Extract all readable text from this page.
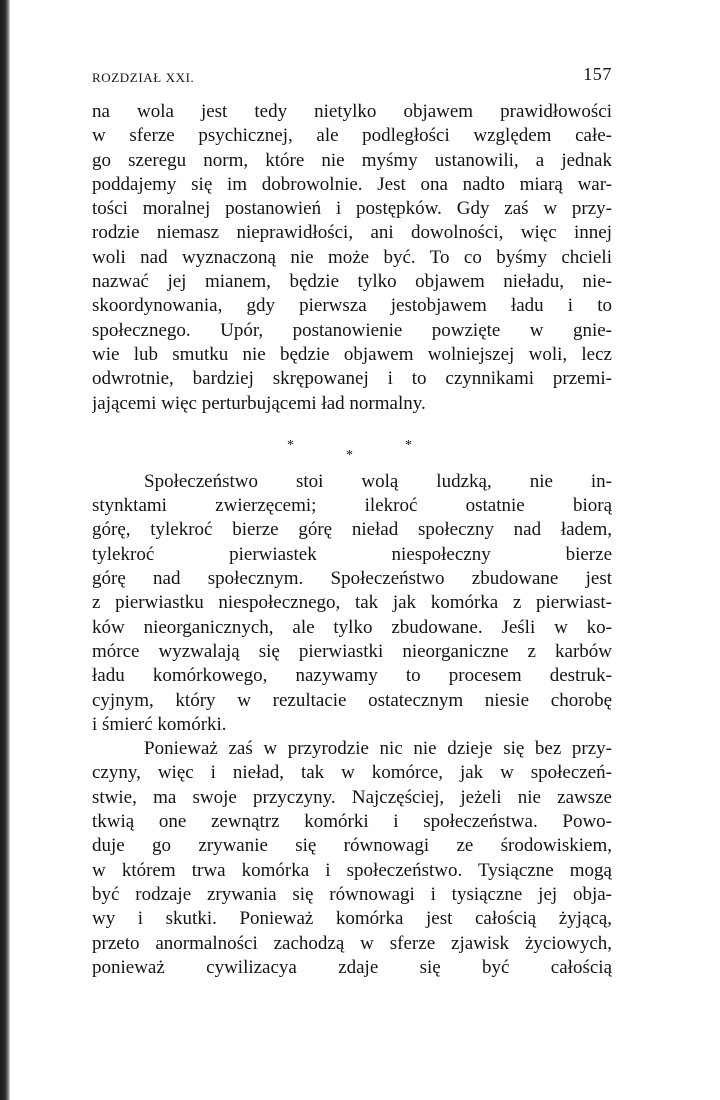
ROZDZIAŁ XXI.	157
na wola jest tedy nietylko objawem prawidłowości
w sferze psychicznej, ale podległości względem całe-
go szeregu norm, które nie myśmy ustanowili, a jednak
poddajemy się im dobrowolnie. Jest ona nadto miarą war-
tości moralnej postanowień i postępków. Gdy zaś w przy-
rodzie niemasz nieprawidłości, ani dowolności, więc innej
woli nad wyznaczoną nie może być. To co byśmy chcieli
nazwać jej mianem, będzie tylko objawem nieładu, nie-
skoordynowania, gdy pierwsza jestobjawem ładu i to
społecznego. Upór, postanowienie powzięte w gnie-
wie lub smutku nie będzie objawem wolniejszej woli, lecz
odwrotnie, bardziej skrępowanej i to czynnikami przemi-
jającemi więc perturbującemi ład normalny.
*
*
*
Społeczeństwo stoi wolą ludzką, nie in-
stynktami zwierzęcemi; ilekroć ostatnie biorą
górę, tylekroć bierze górę nieład społeczny nad ładem,
tylekroć pierwiastek niespołeczny bierze
górę nad społecznym. Społeczeństwo zbudowane jest
z pierwiastku niespołecznego, tak jak komórka z pierwiast-
ków nieorganicznych, ale tylko zbudowane. Jeśli w ko-
mórce wyzwalają się pierwiastki nieorganiczne z karbów
ładu komórkowego, nazywamy to procesem destruk-
cyjnym, który w rezultacie ostatecznym niesie chorobę
i śmierć komórki.
Ponieważ zaś w przyrodzie nic nie dzieje się bez przy-
czyny, więc i nieład, tak w komórce, jak w społeczeń-
stwie, ma swoje przyczyny. Najczęściej, jeżeli nie zawsze
tkwią one zewnątrz komórki i społeczeństwa. Powo-
duje go zrywanie się równowagi ze środowiskiem,
w którem trwa komórka i społeczeństwo. Tysiączne mogą
być rodzaje zrywania się równowagi i tysiączne jej obja-
wy i skutki. Ponieważ komórka jest całością żyjącą,
przeto anormalności zachodzą w sferze zjawisk życiowych,
ponieważ cywilizacya zdaje się być całością
